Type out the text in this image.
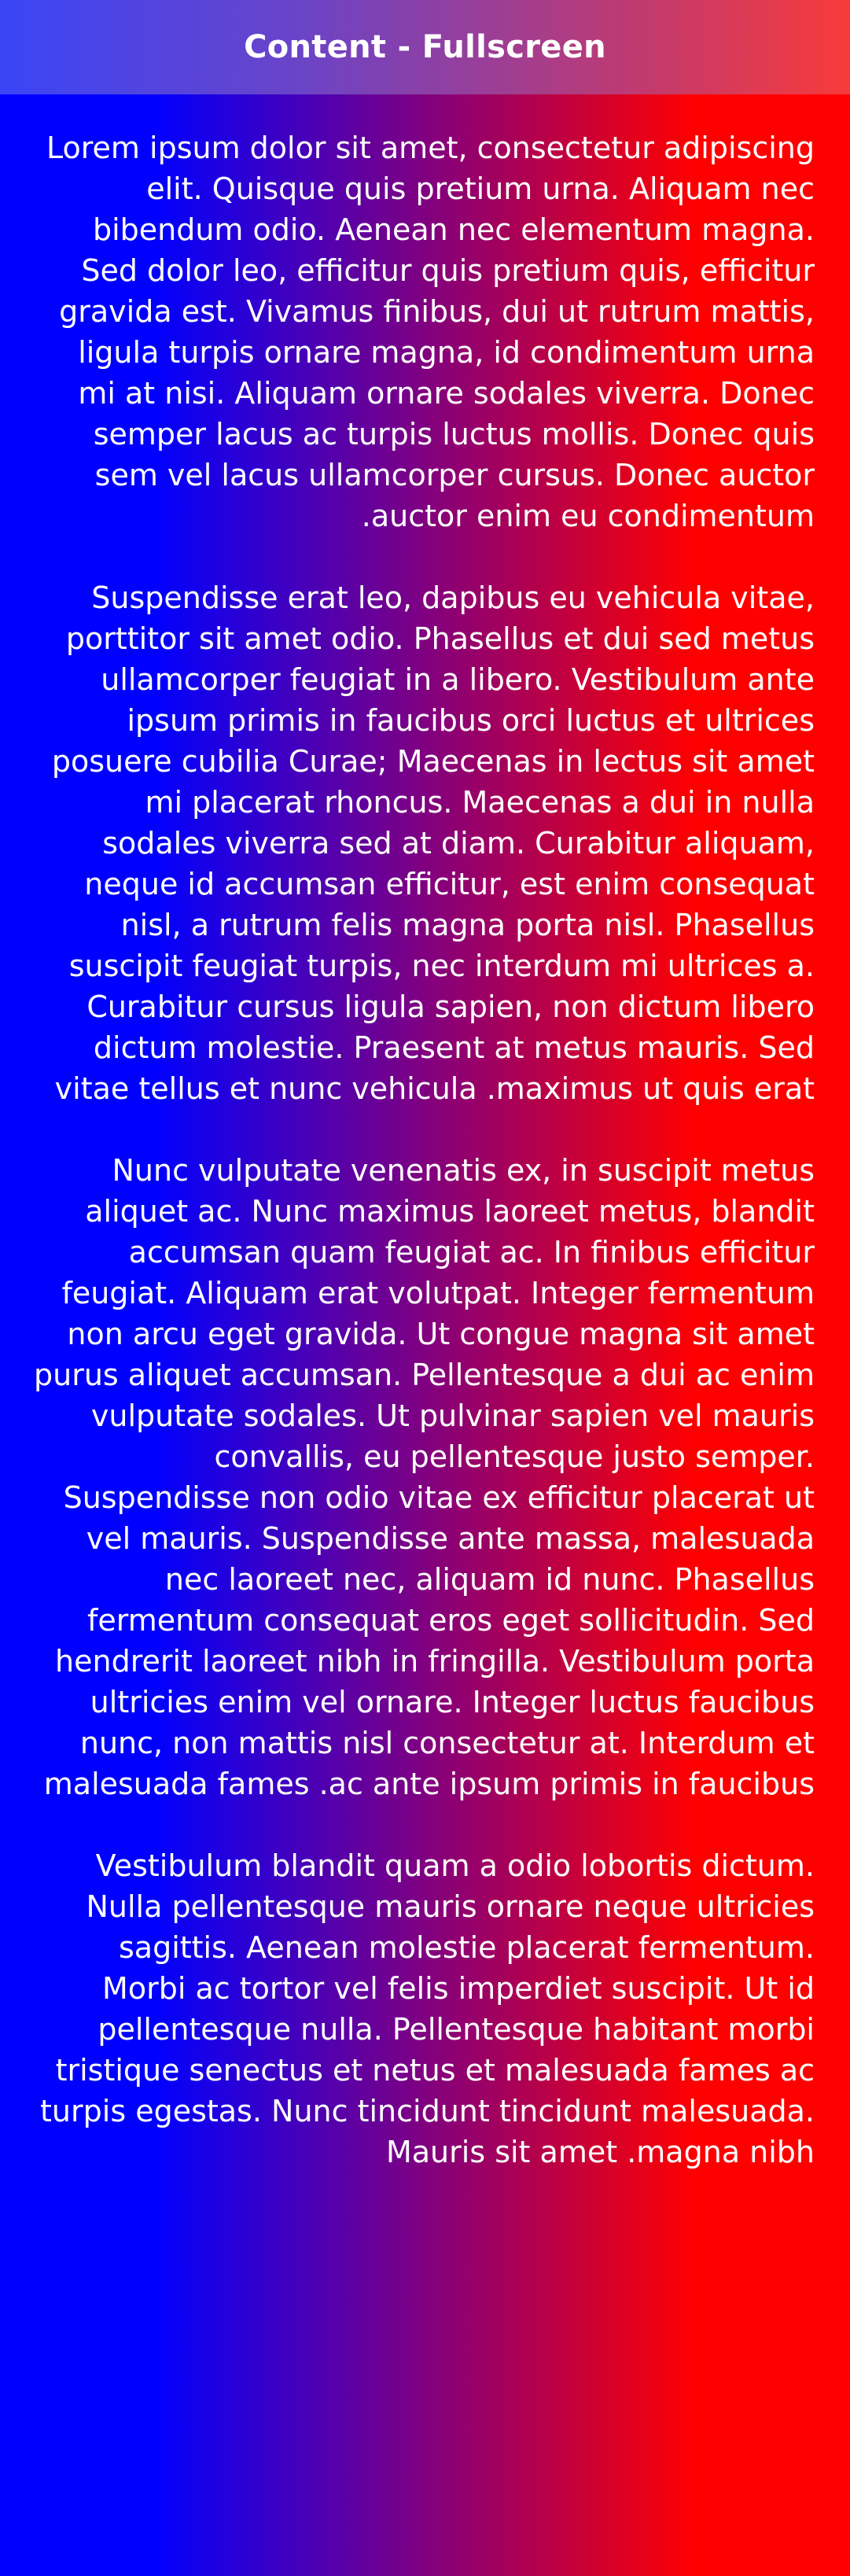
Content - Fullscreen

Lorem ipsum dolor sit amet, consectetur adipiscing elit. Quisque quis pretium urna. Aliquam nec bibendum odio. Aenean nec elementum magna. Sed dolor leo, efficitur quis pretium quis, efficitur gravida est. Vivamus finibus, dui ut rutrum mattis, ligula turpis ornare magna, id condimentum urna mi at nisi. Aliquam ornare sodales viverra. Donec semper lacus ac turpis luctus mollis. Donec quis sem vel lacus ullamcorper cursus. Donec auctor .auctor enim eu condimentum

Suspendisse erat leo, dapibus eu vehicula vitae, porttitor sit amet odio. Phasellus et dui sed metus ullamcorper feugiat in a libero. Vestibulum ante ipsum primis in faucibus orci luctus et ultrices posuere cubilia Curae; Maecenas in lectus sit amet mi placerat rhoncus. Maecenas a dui in nulla sodales viverra sed at diam. Curabitur aliquam, neque id accumsan efficitur, est enim consequat nisl, a rutrum felis magna porta nisl. Phasellus suscipit feugiat turpis, nec interdum mi ultrices a. Curabitur cursus ligula sapien, non dictum libero dictum molestie. Praesent at metus mauris. Sed vitae tellus et nunc vehicula .maximus ut quis erat

Nunc vulputate venenatis ex, in suscipit metus aliquet ac. Nunc maximus laoreet metus, blandit accumsan quam feugiat ac. In finibus efficitur feugiat. Aliquam erat volutpat. Integer fermentum non arcu eget gravida. Ut congue magna sit amet purus aliquet accumsan. Pellentesque a dui ac enim vulputate sodales. Ut pulvinar sapien vel mauris convallis, eu pellentesque justo semper. Suspendisse non odio vitae ex efficitur placerat ut vel mauris. Suspendisse ante massa, malesuada nec laoreet nec, aliquam id nunc. Phasellus fermentum consequat eros eget sollicitudin. Sed hendrerit laoreet nibh in fringilla. Vestibulum porta ultricies enim vel ornare. Integer luctus faucibus nunc, non mattis nisl consectetur at. Interdum et malesuada fames .ac ante ipsum primis in faucibus

Vestibulum blandit quam a odio lobortis dictum. Nulla pellentesque mauris ornare neque ultricies sagittis. Aenean molestie placerat fermentum. Morbi ac tortor vel felis imperdiet suscipit. Ut id pellentesque nulla. Pellentesque habitant morbi tristique senectus et netus et malesuada fames ac turpis egestas. Nunc tincidunt tincidunt malesuada. Mauris sit amet .magna nibh
